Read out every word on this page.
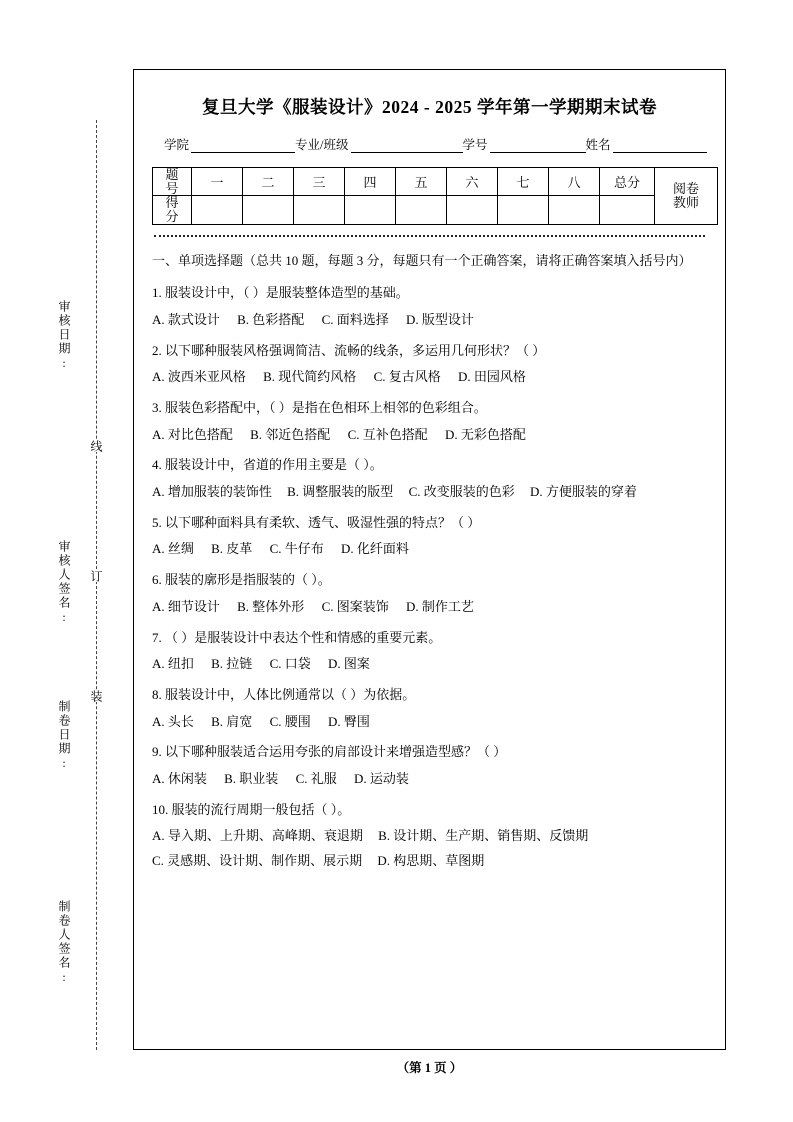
审核日期:
审核人签名:
制卷日期:
制卷人签名:
线
订
装
复旦大学《服装设计》2024 - 2025 学年第一学期期末试卷
学院	专业/班级	学号	姓名
题
号	一	二	三	四	五	六	七	八	总分	阅卷
教师

得
分										

一、单项选择题（总共 10 题，每题 3 分，每题只有一个正确答案，请将正确答案填入括号内）
1. 服装设计中，（ ）是服装整体造型的基础。
A. 款式设计 B. 色彩搭配 C. 面料选择 D. 版型设计
2. 以下哪种服装风格强调简洁、流畅的线条，多运用几何形状？（ ）
A. 波西米亚风格 B. 现代简约风格 C. 复古风格 D. 田园风格
3. 服装色彩搭配中，（ ）是指在色相环上相邻的色彩组合。
A. 对比色搭配 B. 邻近色搭配 C. 互补色搭配 D. 无彩色搭配
4. 服装设计中，省道的作用主要是（ ）。
A. 增加服装的装饰性 B. 调整服装的版型 C. 改变服装的色彩 D. 方便服装的穿着
5. 以下哪种面料具有柔软、透气、吸湿性强的特点？（ ）
A. 丝绸 B. 皮革 C. 牛仔布 D. 化纤面料
6. 服装的廓形是指服装的（ ）。
A. 细节设计 B. 整体外形 C. 图案装饰 D. 制作工艺
7. （ ）是服装设计中表达个性和情感的重要元素。
A. 纽扣 B. 拉链 C. 口袋 D. 图案
8. 服装设计中，人体比例通常以（ ）为依据。
A. 头长 B. 肩宽 C. 腰围 D. 臀围
9. 以下哪种服装适合运用夸张的肩部设计来增强造型感？（ ）
A. 休闲装 B. 职业装 C. 礼服 D. 运动装
10. 服装的流行周期一般包括（ ）。
A. 导入期、上升期、高峰期、衰退期 B. 设计期、生产期、销售期、反馈期 C. 灵感期、设计期、制作期、展示期 D. 构思期、草图期
（第 1 页 ）
